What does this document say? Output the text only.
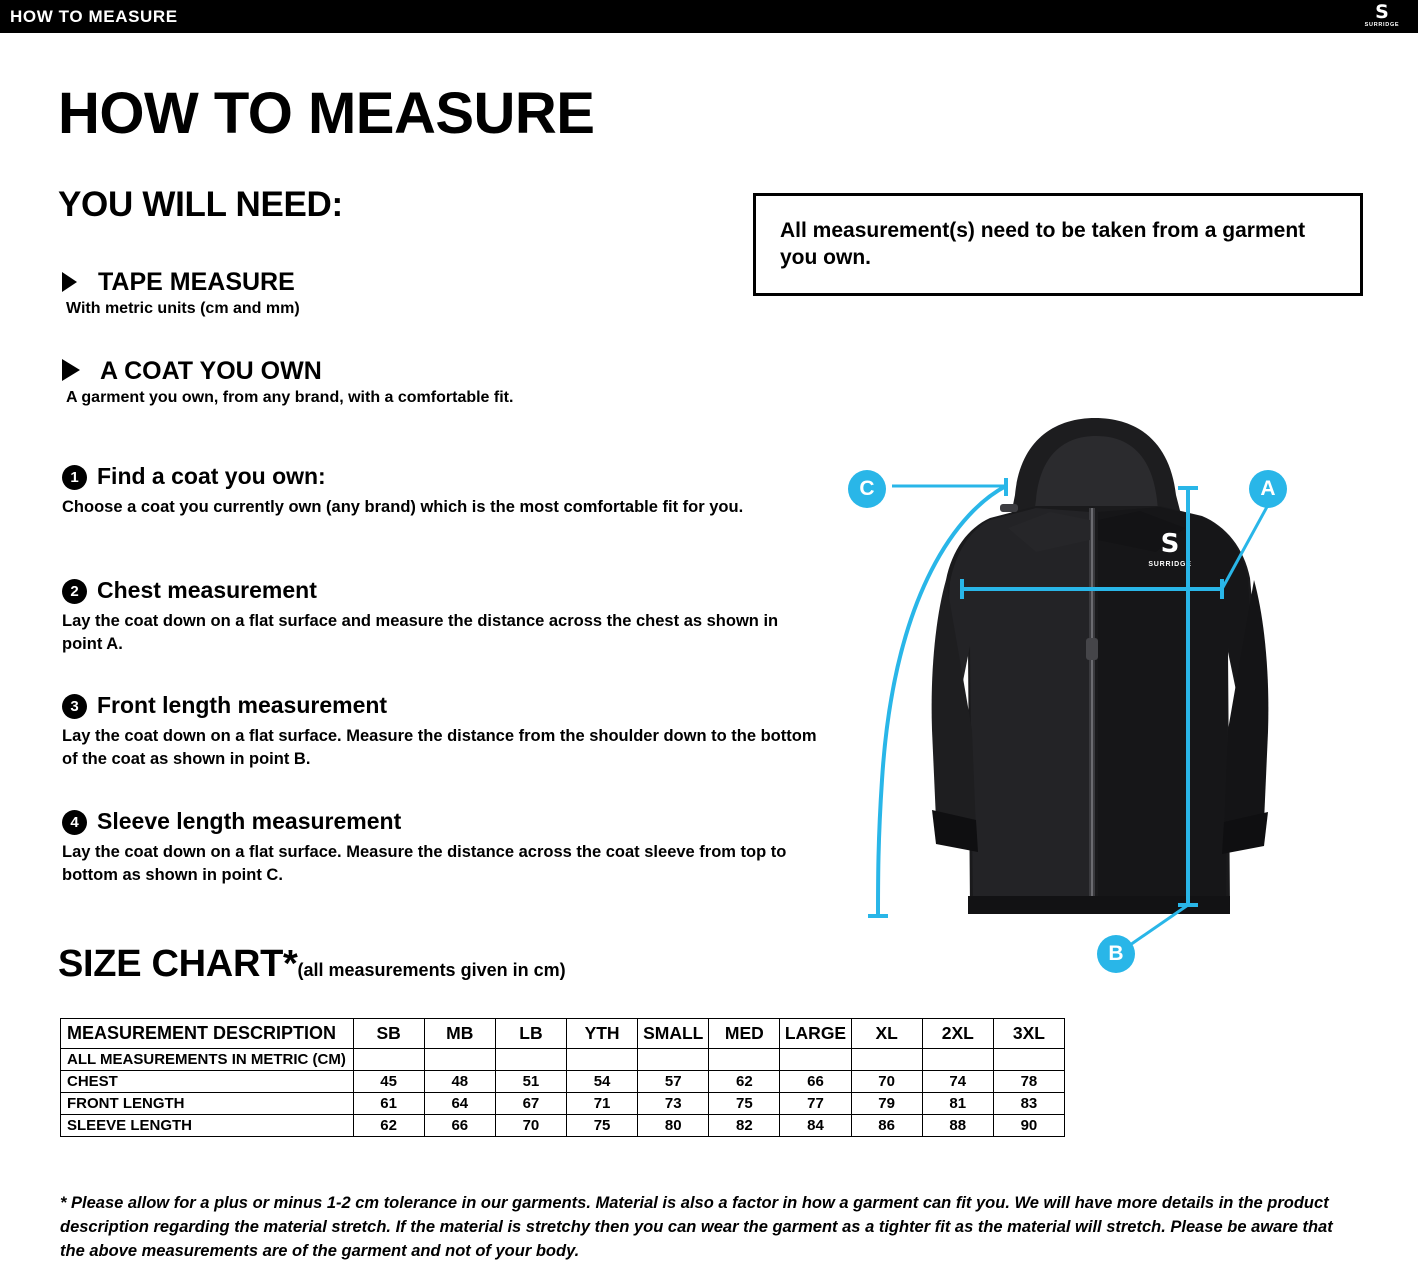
HOW TO MEASURE	S
SURRIDGE
HOW TO MEASURE
YOU WILL NEED:
TAPE MEASURE
With metric units (cm and mm)
A COAT YOU OWN
A garment you own, from any brand, with a comfortable fit.
All measurement(s) need to be taken from a garment you own.
1 Find a coat you own:
Choose a coat you currently own (any brand) which is the most comfortable fit for you.
2 Chest measurement
Lay the coat down on a flat surface and measure the distance across the chest as shown in point A.
3 Front length measurement
Lay the coat down on a flat surface. Measure the distance from the shoulder down to the bottom of the coat as shown in point B.
4 Sleeve length measurement
Lay the coat down on a flat surface. Measure the distance across the coat sleeve from top to bottom as shown in point C.
S
SURRIDGE
A
B
C
SIZE CHART*(all measurements given in cm)
MEASUREMENT DESCRIPTION	SB	MB	LB	YTH	SMALL	MED	LARGE	XL	2XL	3XL
ALL MEASUREMENTS IN METRIC (CM)										
CHEST	45	48	51	54	57	62	66	70	74	78
FRONT LENGTH	61	64	67	71	73	75	77	79	81	83
SLEEVE LENGTH	62	66	70	75	80	82	84	86	88	90
* Please allow for a plus or minus 1-2 cm tolerance in our garments. Material is also a factor in how a garment can fit you. We will have more details in the product description regarding the material stretch. If the material is stretchy then you can wear the garment as a tighter fit as the material will stretch. Please be aware that the above measurements are of the garment and not of your body.
